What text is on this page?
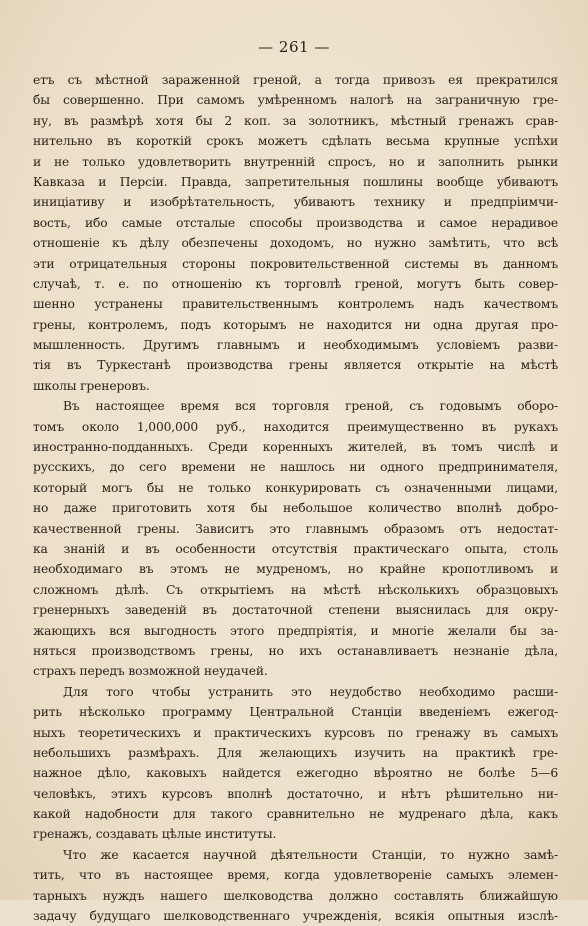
— 261 —
етъ съ мѣстной зараженной греной, а тогда привозъ ея прекратился
бы совершенно. При самомъ умѣренномъ налогѣ на заграничную гре-
ну, въ размѣрѣ хотя бы 2 коп. за золотникъ, мѣстный гренажъ срав-
нительно въ короткій срокъ можетъ сдѣлать весьма крупные успѣхи
и не только удовлетворить внутренній спросъ, но и заполнить рынки
Кавказа и Персіи. Правда, запретительныя пошлины вообще убиваютъ
иниціативу и изобрѣтательность, убиваютъ технику и предпріимчи-
вость, ибо самые отсталые способы производства и самое нерадивое
отношеніе къ дѣлу обезпечены доходомъ, но нужно замѣтить, что всѣ
эти отрицательныя стороны покровительственной системы въ данномъ
случаѣ, т. е. по отношенію къ торговлѣ греной, могутъ быть совер-
шенно устранены правительственнымъ контролемъ надъ качествомъ
грены, контролемъ, подъ которымъ не находится ни одна другая про-
мышленность. Другимъ главнымъ и необходимымъ условіемъ разви-
тія въ Туркестанѣ производства грены является открытіе на мѣстѣ
школы гренеровъ.
Въ настоящее время вся торговля греной, съ годовымъ оборо-
томъ около 1,000,000 руб., находится преимущественно въ рукахъ
иностранно-подданныхъ. Среди коренныхъ жителей, въ томъ числѣ и
русскихъ, до сего времени не нашлось ни одного предпринимателя,
который могъ бы не только конкурировать съ означенными лицами,
но даже приготовить хотя бы небольшое количество вполнѣ добро-
качественной грены. Зависитъ это главнымъ образомъ отъ недостат-
ка знаній и въ особенности отсутствія практическаго опыта, столь
необходимаго въ этомъ не мудреномъ, но крайне кропотливомъ и
сложномъ дѣлѣ. Съ открытіемъ на мѣстѣ нѣсколькихъ образцовыхъ
гренерныхъ заведеній въ достаточной степени выяснилась для окру-
жающихъ вся выгодность этого предпріятія, и многіе желали бы за-
няться производствомъ грены, но ихъ останавливаетъ незнаніе дѣла,
страхъ передъ возможной неудачей.
Для того чтобы устранить это неудобство необходимо расши-
рить нѣсколько программу Центральной Станціи введеніемъ ежегод-
ныхъ теоретическихъ и практическихъ курсовъ по гренажу въ самыхъ
небольшихъ размѣрахъ. Для желающихъ изучить на практикѣ гре-
нажное дѣло, каковыхъ найдется ежегодно вѣроятно не болѣе 5—6
человѣкъ, этихъ курсовъ вполнѣ достаточно, и нѣтъ рѣшительно ни-
какой надобности для такого сравнительно не мудренаго дѣла, какъ
гренажъ, создавать цѣлые институты.
Что же касается научной дѣятельности Станціи, то нужно замѣ-
тить, что въ настоящее время, когда удовлетвореніе самыхъ элемен-
тарныхъ нуждъ нашего шелководства должно составлять ближайшую
задачу будущаго шелководственнаго учрежденія, всякія опытныя изслѣ-
